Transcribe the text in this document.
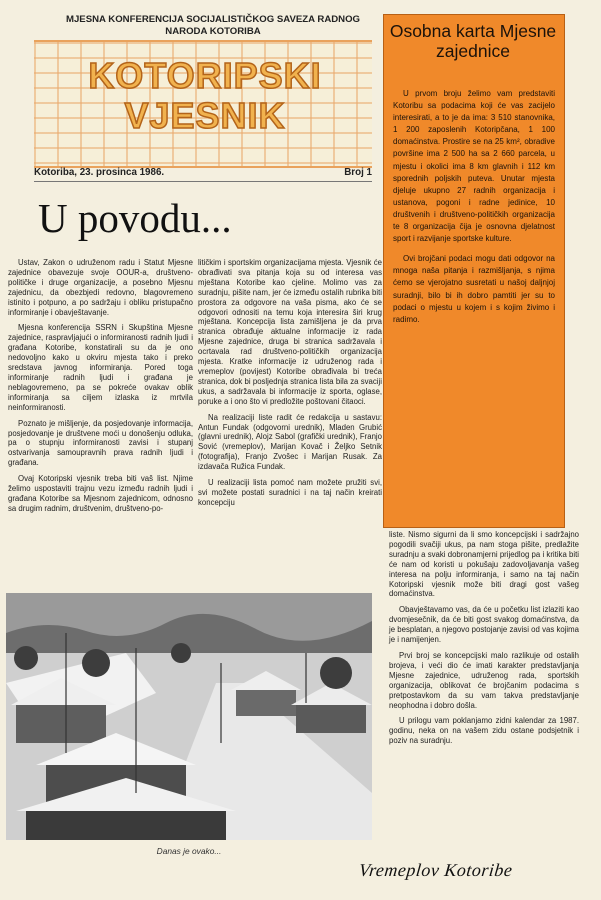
MJESNA KONFERENCIJA SOCIJALISTIČKOG SAVEZA RADNOG NARODA KOTORIBA
KOTORIPSKI
VJESNIK
Kotoriba, 23. prosinca 1986.	Broj 1
U povodu...

Ustav, Zakon o udruženom radu i Statut Mjesne zajednice obavezuje svoje OOUR-a, društveno-političke i druge organizacije, a posebno Mjesnu zajednicu, da obezbjedi redovno, blagovremeno istinito i potpuno, a po sadržaju i obliku pristupačno informiranje i obavještavanje.

Mjesna konferencija SSRN i Skupština Mjesne zajednice, raspravljajući o informiranosti radnih ljudi i građana Kotoribe, konstatirali su da je ono nedovoljno kako u okviru mjesta tako i preko sredstava javnog informiranja. Pored toga informiranje radnih ljudi i građana je neblagovremeno, pa se pokreće ovakav oblik informiranja sa ciljem izlaska iz mrtvila neinformiranosti.

Poznato je mišljenje, da posjedovanje informacija, posjedovanje je društvene moći u donošenju odluka, pa o stupnju informiranosti zavisi i stupanj ostvarivanja samoupravnih prava radnih ljudi i građana.

Ovaj Kotoripski vjesnik treba biti vaš list. Njime želimo uspostaviti trajnu vezu između radnih ljudi i građana Kotoribe sa Mjesnom zajednicom, odnosno sa drugim radnim, društvenim, društveno-po-

litičkim i sportskim organizacijama mjesta. Vjesnik će obrađivati sva pitanja koja su od interesa vas mještana Kotoribe kao cjeline. Molimo vas za suradnju, pišite nam, jer će između ostalih rubrika biti prostora za odgovore na vaša pisma, ako će se odgovori odnositi na temu koja interesira širi krug mještana. Koncepcija lista zamišljena je da prva stranica obrađuje aktualne informacije iz rada Mjesne zajednice, druga bi stranica sadržavala i ocrtavala rad društveno-političkih organizacija mjesta. Kratke informacije iz udruženog rada i vremeplov (povijest) Kotoribe obrađivala bi treća stranica, dok bi posljednja stranica lista bila za svaciji ukus, a sadržavala bi informacije iz sporta, oglase, poruke a i ono što vi predložite poštovani čitaoci.

Na realizaciji liste radit će redakcija u sastavu: Antun Fundak (odgovorni urednik), Mladen Grubić (glavni urednik), Alojz Sabol (grafički urednik), Franjo Sović (vremeplov), Marijan Kovač i Željko Setnik (fotografija), Franjo Zvošec i Marijan Rusak. Za izdavača Ružica Fundak.

U realizaciji lista pomoć nam možete pružiti svi, svi možete postati suradnici i na taj način kreirati koncepciju

Osobna karta Mjesne zajednice

U prvom broju želimo vam predstaviti Kotoribu sa podacima koji će vas zacijelo interesirati, a to je da ima: 3 510 stanovnika, 1 200 zaposlenih Kotoripčana, 1 100 domaćinstva. Prostire se na 25 km², obradive površine ima 2 500 ha sa 2 660 parcela, u mjestu i okolici ima 8 km glavnih i 112 km sporednih poljskih puteva. Unutar mjesta djeluje ukupno 27 radnih organizacija i ustanova, pogoni i radne jedinice, 10 društvenih i društveno-političkih organizacija te 8 organizacija čija je osnovna djelatnost sport i razvijanje sportske kulture.

Ovi brojčani podaci mogu dati odgovor na mnoga naša pitanja i razmišljanja, s njima ćemo se vjerojatno susretati u našoj daljnjoj suradnji, bilo bi ih dobro pamtiti jer su to podaci o mjestu u kojem i s kojim živimo i radimo.

liste. Nismo sigurni da li smo koncepcijski i sadržajno pogodili svačiji ukus, pa nam stoga pišite, predlažite suradnju a svaki dobronamjerni prijedlog pa i kritika biti će nam od koristi u pokušaju zadovoljavanja vašeg interesa na polju informiranja, i samo na taj način Kotoripski vjesnik može biti dragi gost vašeg domaćinstva.

Obavještavamo vas, da će u početku list izlaziti kao dvomjesečnik, da će biti gost svakog domaćinstva, da je besplatan, a njegovo postojanje zavisi od vas kojima je i namijenjen.

Prvi broj se koncepcijski malo razlikuje od ostalih brojeva, i veći dio će imati karakter predstavljanja Mjesne zajednice, udruženog rada, sportskih organizacija, oblikovat će brojčanim podacima s pretpostavkom da su vam takva predstavljanje neophodna i dobro došla.

U prilogu vam poklanjamo zidni kalendar za 1987. godinu, neka on na vašem zidu ostane podsjetnik i poziv na suradnju.

Danas je ovako...
Vremeplov Kotoribe
